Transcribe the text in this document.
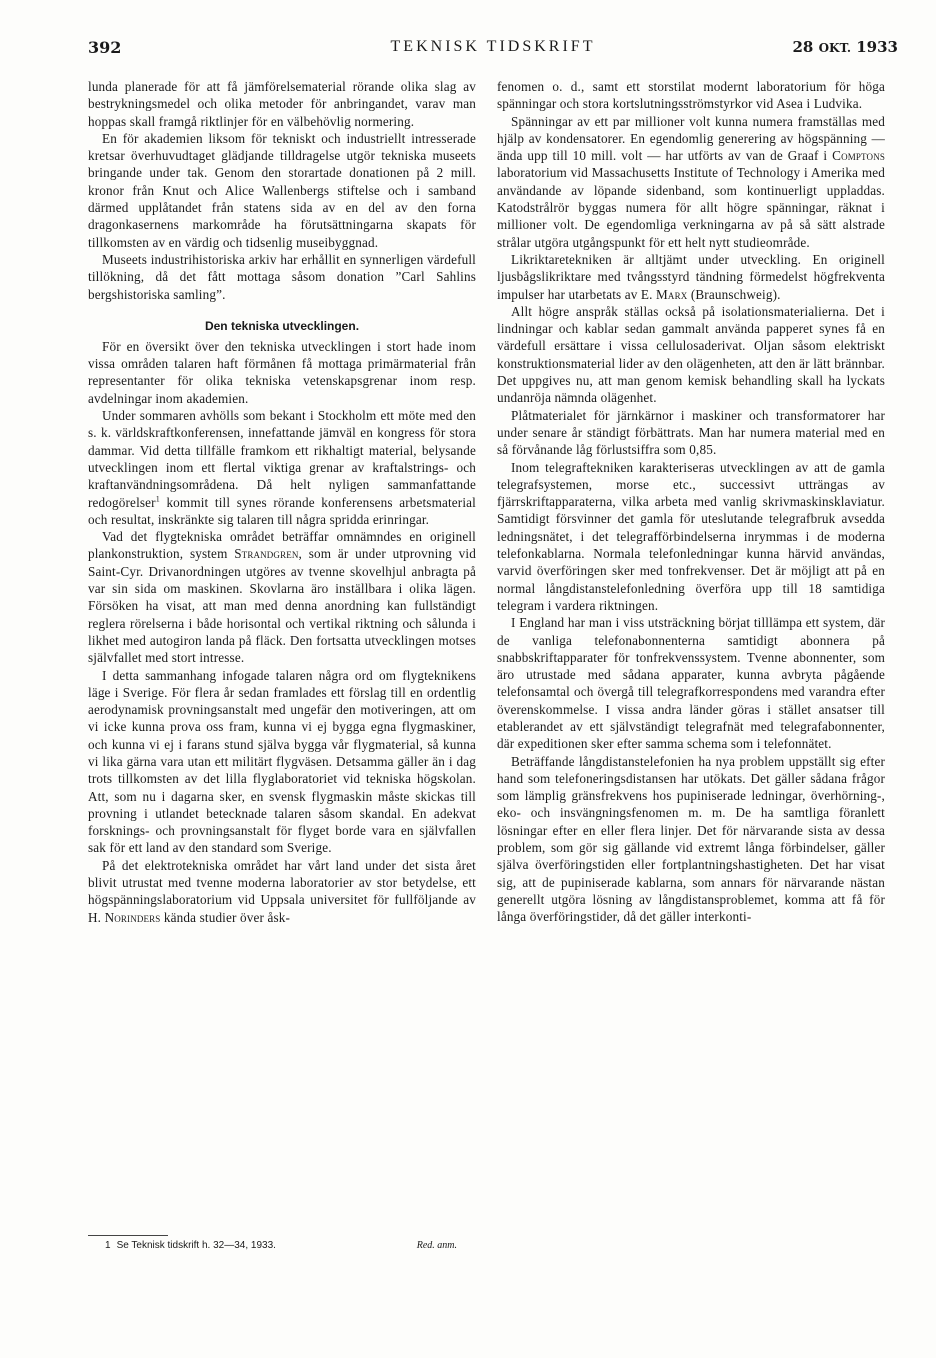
TEKNISK TIDSKRIFT
392	28 OKT. 1933

lunda planerade för att få jämförelsematerial rörande olika slag av bestrykningsmedel och olika metoder för anbringandet, varav man hoppas skall framgå riktlinjer för en välbehövlig normering.

En för akademien liksom för tekniskt och industriellt intresserade kretsar överhuvudtaget glädjande tilldragelse utgör tekniska museets bringande under tak. Genom den storartade donationen på 2 mill. kronor från Knut och Alice Wallenbergs stiftelse och i samband därmed upplåtandet från statens sida av en del av den forna dragonkasernens markområde ha förutsättningarna skapats för tillkomsten av en värdig och tidsenlig museibyggnad.

Museets industrihistoriska arkiv har erhållit en synnerligen värdefull tillökning, då det fått mottaga såsom donation ”Carl Sahlins bergshistoriska samling”.

Den tekniska utvecklingen.

För en översikt över den tekniska utvecklingen i stort hade inom vissa områden talaren haft förmånen få mottaga primärmaterial från representanter för olika tekniska vetenskapsgrenar inom resp. avdelningar inom akademien.

Under sommaren avhölls som bekant i Stockholm ett möte med den s. k. världskraftkonferensen, innefattande jämväl en kongress för stora dammar. Vid detta tillfälle framkom ett rikhaltigt material, belysande utvecklingen inom ett flertal viktiga grenar av kraftalstrings- och kraftanvändningsområdena. Då helt nyligen sammanfattande redogörelser$^1$ kommit till synes rörande konferensens arbetsmaterial och resultat, inskränkte sig talaren till några spridda erinringar.

Vad det flygtekniska området beträffar omnämndes en originell plankonstruktion, system Strandgren, som är under utprovning vid Saint-Cyr. Drivanordningen utgöres av tvenne skovelhjul anbragta på var sin sida om maskinen. Skovlarna äro inställbara i olika lägen. Försöken ha visat, att man med denna anordning kan fullständigt reglera rörelserna i både horisontal och vertikal riktning och sålunda i likhet med autogiron landa på fläck. Den fortsatta utvecklingen motses självfallet med stort intresse.

I detta sammanhang infogade talaren några ord om flygteknikens läge i Sverige. För flera år sedan framlades ett förslag till en ordentlig aerodynamisk provningsanstalt med ungefär den motiveringen, att om vi icke kunna prova oss fram, kunna vi ej bygga egna flygmaskiner, och kunna vi ej i farans stund själva bygga vår flygmaterial, så kunna vi lika gärna vara utan ett militärt flygväsen. Detsamma gäller än i dag trots tillkomsten av det lilla flyglaboratoriet vid tekniska högskolan. Att, som nu i dagarna sker, en svensk flygmaskin måste skickas till provning i utlandet betecknade talaren såsom skandal. En adekvat forsknings- och provningsanstalt för flyget borde vara en självfallen sak för ett land av den standard som Sverige.

På det elektrotekniska området har vårt land under det sista året blivit utrustat med tvenne moderna laboratorier av stor betydelse, ett högspänningslaboratorium vid Uppsala universitet för fullföljande av H. Norinders kända studier över åsk-

1 Se Teknisk tidskrift h. 32—34, 1933.	Red. anm.

fenomen o. d., samt ett storstilat modernt laboratorium för höga spänningar och stora kortslutningsströmstyrkor vid Asea i Ludvika.

Spänningar av ett par millioner volt kunna numera framställas med hjälp av kondensatorer. En egendomlig generering av högspänning — ända upp till 10 mill. volt — har utförts av van de Graaf i Comptons laboratorium vid Massachusetts Institute of Technology i Amerika med användande av löpande sidenband, som kontinuerligt uppladdas. Katodstrålrör byggas numera för allt högre spänningar, räknat i millioner volt. De egendomliga verkningarna av på så sätt alstrade strålar utgöra utgångspunkt för ett helt nytt studieområde.

Likriktaretekniken är alltjämt under utveckling. En originell ljusbågslikriktare med tvångsstyrd tändning förmedelst högfrekventa impulser har utarbetats av E. Marx (Braunschweig).

Allt högre anspråk ställas också på isolationsmaterialierna. Det i lindningar och kablar sedan gammalt använda papperet synes få en värdefull ersättare i vissa cellulosaderivat. Oljan såsom elektriskt konstruktionsmaterial lider av den olägenheten, att den är lätt brännbar. Det uppgives nu, att man genom kemisk behandling skall ha lyckats undanröja nämnda olägenhet.

Plåtmaterialet för järnkärnor i maskiner och transformatorer har under senare år ständigt förbättrats. Man har numera material med en så förvånande låg förlustsiffra som 0,85.

Inom telegraftekniken karakteriseras utvecklingen av att de gamla telegrafsystemen, morse etc., successivt utträngas av fjärrskriftapparaterna, vilka arbeta med vanlig skrivmaskinsklaviatur. Samtidigt försvinner det gamla för uteslutande telegrafbruk avsedda ledningsnätet, i det telegrafförbindelserna inrymmas i de moderna telefonkablarna. Normala telefonledningar kunna härvid användas, varvid överföringen sker med tonfrekvenser. Det är möjligt att på en normal långdistanstelefonledning överföra upp till 18 samtidiga telegram i vardera riktningen.

I England har man i viss utsträckning börjat tilllämpa ett system, där de vanliga telefonabonnenterna samtidigt abonnera på snabbskriftapparater för tonfrekvenssystem. Tvenne abonnenter, som äro utrustade med sådana apparater, kunna avbryta pågående telefonsamtal och övergå till telegrafkorrespondens med varandra efter överenskommelse. I vissa andra länder göras i stället ansatser till etablerandet av ett självständigt telegrafnät med telegrafabonnenter, där expeditionen sker efter samma schema som i telefonnätet.

Beträffande långdistanstelefonien ha nya problem uppställt sig efter hand som telefoneringsdistansen har utökats. Det gäller sådana frågor som lämplig gränsfrekvens hos pupiniserade ledningar, överhörning-, eko- och insvängningsfenomen m. m. De ha samtliga föranlett lösningar efter en eller flera linjer. Det för närvarande sista av dessa problem, som gör sig gällande vid extremt långa förbindelser, gäller själva överföringstiden eller fortplantningshastigheten. Det har visat sig, att de pupiniserade kablarna, som annars för närvarande nästan generellt utgöra lösning av långdistansproblemet, komma att få för långa överföringstider, då det gäller interkonti-
